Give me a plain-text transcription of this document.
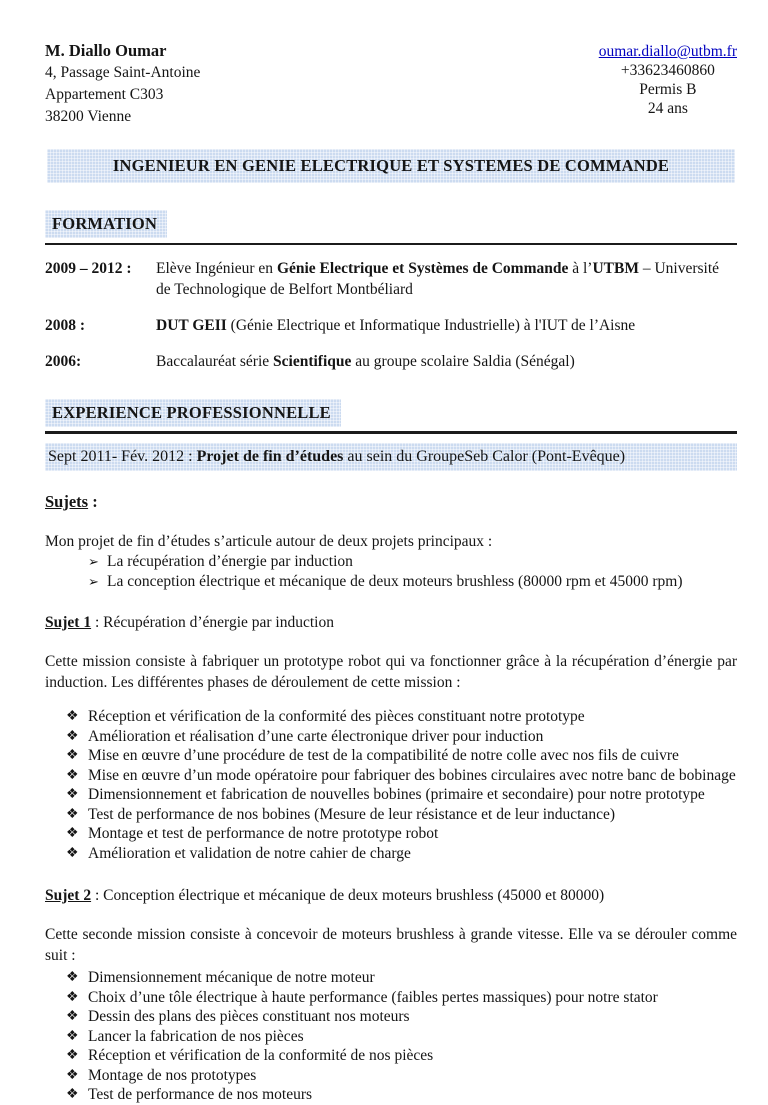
M. Diallo Oumar
4, Passage Saint-Antoine
Appartement C303
38200 Vienne
oumar.diallo@utbm.fr
+33623460860
Permis B
24 ans
INGENIEUR EN GENIE ELECTRIQUE ET SYSTEMES DE COMMANDE
FORMATION
2009 – 2012 :	Elève Ingénieur en Génie Electrique et Systèmes de Commande à l’UTBM – Université de Technologique de Belfort Montbéliard
2008 :	DUT GEII (Génie Electrique et Informatique Industrielle) à l'IUT de l’Aisne
2006:	Baccalauréat série Scientifique au groupe scolaire Saldia (Sénégal)
EXPERIENCE PROFESSIONNELLE
Sept 2011- Fév. 2012 : Projet de fin d’études au sein du GroupeSeb Calor (Pont-Evêque)
Sujets :
Mon projet de fin d’études s’articule autour de deux projets principaux :
➢ La récupération d’énergie par induction
➢ La conception électrique et mécanique de deux moteurs brushless (80000 rpm et 45000 rpm)
Sujet 1 : Récupération d’énergie par induction
Cette mission consiste à fabriquer un prototype robot qui va fonctionner grâce à la récupération d’énergie par induction. Les différentes phases de déroulement de cette mission :
❖ Réception et vérification de la conformité des pièces constituant notre prototype
❖ Amélioration et réalisation d’une carte électronique driver pour induction
❖ Mise en œuvre d’une procédure de test de la compatibilité de notre colle avec nos fils de cuivre
❖ Mise en œuvre d’un mode opératoire pour fabriquer des bobines circulaires avec notre banc de bobinage
❖ Dimensionnement et fabrication de nouvelles bobines (primaire et secondaire) pour notre prototype
❖ Test de performance de nos bobines (Mesure de leur résistance et de leur inductance)
❖ Montage et test de performance de notre prototype robot
❖ Amélioration et validation de notre cahier de charge
Sujet 2 : Conception électrique et mécanique de deux moteurs brushless (45000 et 80000)
Cette seconde mission consiste à concevoir de moteurs brushless à grande vitesse. Elle va se dérouler comme suit :
❖ Dimensionnement mécanique de notre moteur
❖ Choix d’une tôle électrique à haute performance (faibles pertes massiques) pour notre stator
❖ Dessin des plans des pièces constituant nos moteurs
❖ Lancer la fabrication de nos pièces
❖ Réception et vérification de la conformité de nos pièces
❖ Montage de nos prototypes
❖ Test de performance de nos moteurs
